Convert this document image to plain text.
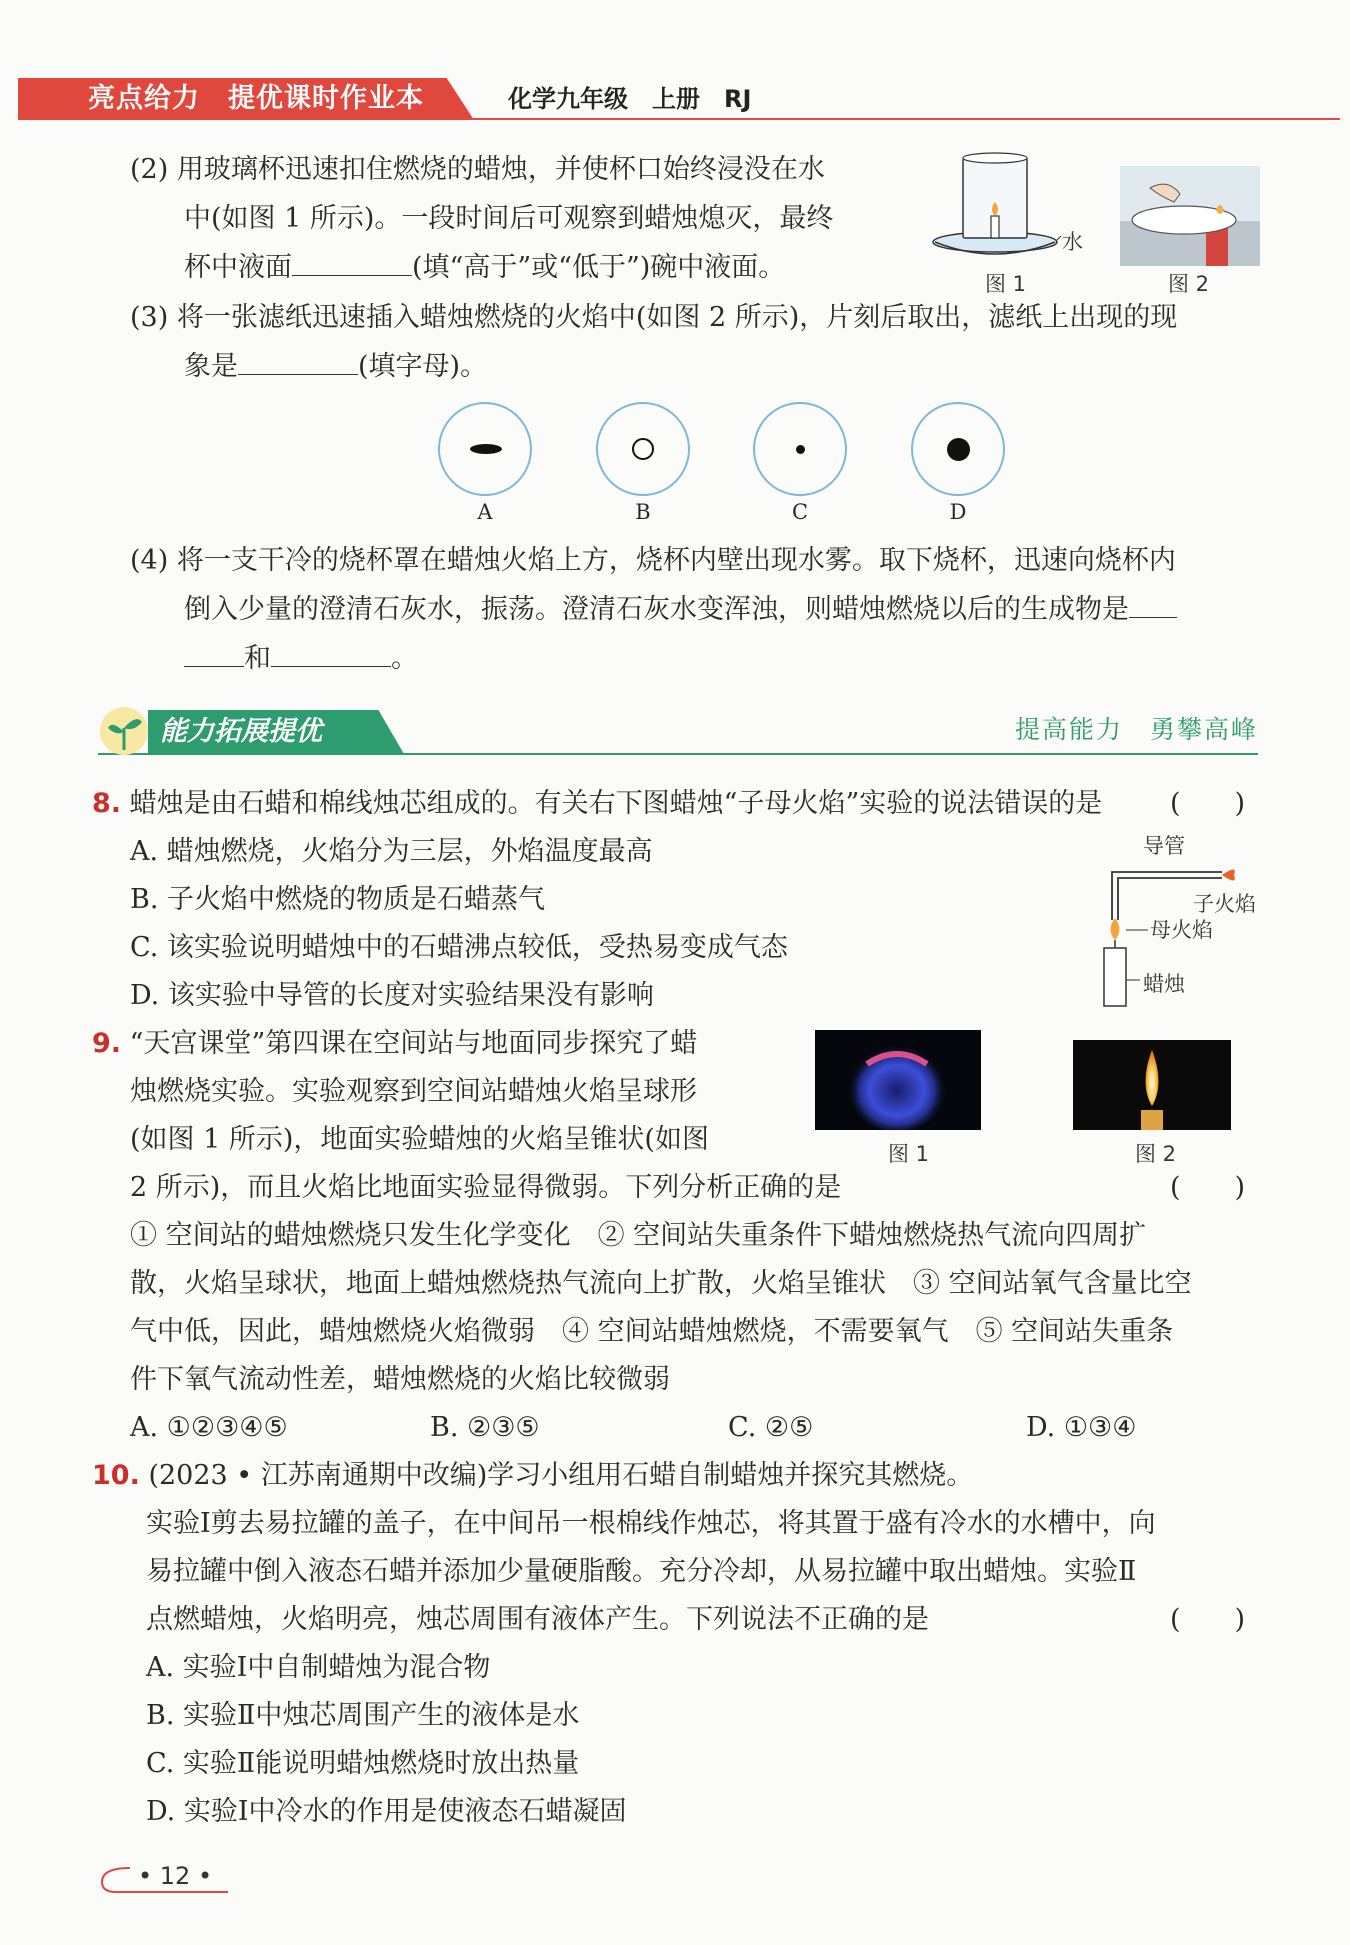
亮点给力　提优课时作业本	化学九年级　上册　RJ
(2) 用玻璃杯迅速扣住燃烧的蜡烛，并使杯口始终浸没在水
中(如图 1 所示)。一段时间后可观察到蜡烛熄灭，最终
杯中液面	(填“高于”或“低于”)碗中液面。
水
图 1	图 2
(3) 将一张滤纸迅速插入蜡烛燃烧的火焰中(如图 2 所示)，片刻后取出，滤纸上出现的现
象是	(填字母)。
A	B	C	D
(4) 将一支干冷的烧杯罩在蜡烛火焰上方，烧杯内壁出现水雾。取下烧杯，迅速向烧杯内
倒入少量的澄清石灰水，振荡。澄清石灰水变浑浊，则蜡烛燃烧以后的生成物是
和	。
能力拓展提优	提高能力　勇攀高峰
8. 蜡烛是由石蜡和棉线烛芯组成的。有关右下图蜡烛“子母火焰”实验的说法错误的是	(　　)
A. 蜡烛燃烧，火焰分为三层，外焰温度最高
B. 子火焰中燃烧的物质是石蜡蒸气
C. 该实验说明蜡烛中的石蜡沸点较低，受热易变成气态
D. 该实验中导管的长度对实验结果没有影响
导管
子火焰
母火焰
蜡烛
9. “天宫课堂”第四课在空间站与地面同步探究了蜡
烛燃烧实验。实验观察到空间站蜡烛火焰呈球形
(如图 1 所示)，地面实验蜡烛的火焰呈锥状(如图
2 所示)，而且火焰比地面实验显得微弱。下列分析正确的是	(　　)
图 1	图 2
① 空间站的蜡烛燃烧只发生化学变化　② 空间站失重条件下蜡烛燃烧热气流向四周扩
散，火焰呈球状，地面上蜡烛燃烧热气流向上扩散，火焰呈锥状　③ 空间站氧气含量比空
气中低，因此，蜡烛燃烧火焰微弱　④ 空间站蜡烛燃烧，不需要氧气　⑤ 空间站失重条
件下氧气流动性差，蜡烛燃烧的火焰比较微弱
A. ①②③④⑤	B. ②③⑤	C. ②⑤	D. ①③④
10. (2023 • 江苏南通期中改编)学习小组用石蜡自制蜡烛并探究其燃烧。
实验Ⅰ剪去易拉罐的盖子，在中间吊一根棉线作烛芯，将其置于盛有冷水的水槽中，向
易拉罐中倒入液态石蜡并添加少量硬脂酸。充分冷却，从易拉罐中取出蜡烛。实验Ⅱ
点燃蜡烛，火焰明亮，烛芯周围有液体产生。下列说法不正确的是	(　　)
A. 实验Ⅰ中自制蜡烛为混合物
B. 实验Ⅱ中烛芯周围产生的液体是水
C. 实验Ⅱ能说明蜡烛燃烧时放出热量
D. 实验Ⅰ中冷水的作用是使液态石蜡凝固
• 12 •
